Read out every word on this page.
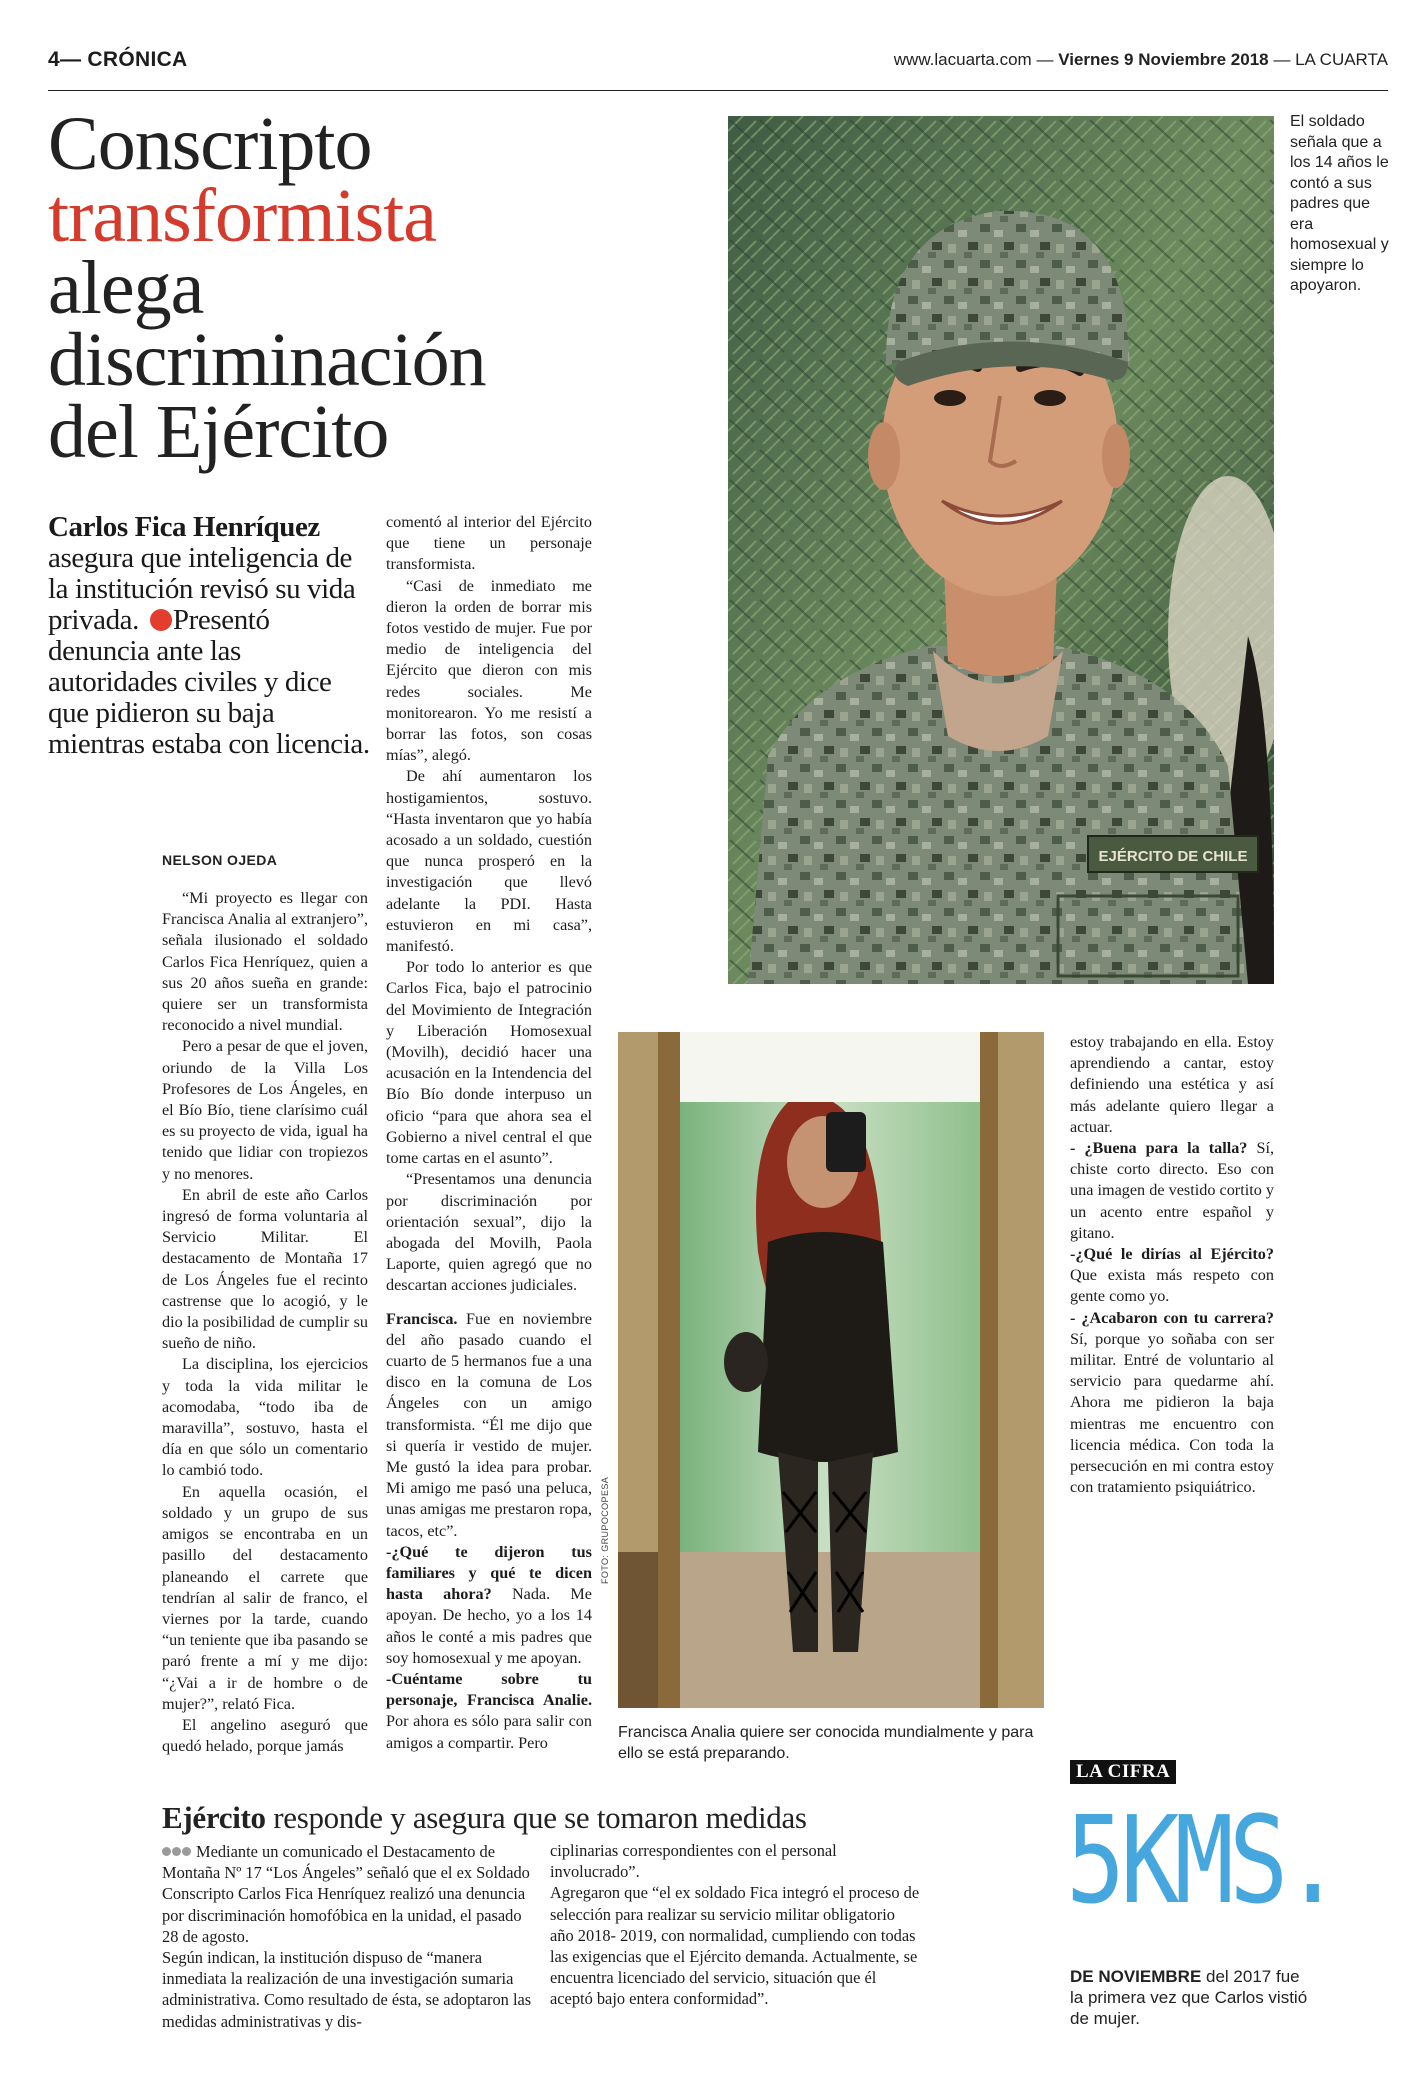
4— CRÓNICA	www.lacuarta.com — Viernes 9 Noviembre 2018 — LA CUARTA
Conscripto
transformista
alega
discriminación
del Ejército
Carlos Fica Henríquez asegura que inteligencia de la institución revisó su vida privada. Presentó denuncia ante las autoridades civiles y dice que pidieron su baja mientras estaba con licencia.
NELSON OJEDA

“Mi proyecto es llegar con Francisca Analia al extranjero”, señala ilusionado el soldado Carlos Fica Henríquez, quien a sus 20 años sueña en grande: quiere ser un transformista reconocido a nivel mundial.

Pero a pesar de que el joven, oriundo de la Villa Los Profesores de Los Ángeles, en el Bío Bío, tiene clarísimo cuál es su proyecto de vida, igual ha tenido que lidiar con tropiezos y no menores.

En abril de este año Carlos ingresó de forma voluntaria al Servicio Militar. El destacamento de Montaña 17 de Los Ángeles fue el recinto castrense que lo acogió, y le dio la posibilidad de cumplir su sueño de niño.

La disciplina, los ejercicios y toda la vida militar le acomodaba, “todo iba de maravilla”, sostuvo, hasta el día en que sólo un comentario lo cambió todo.

En aquella ocasión, el soldado y un grupo de sus amigos se encontraba en un pasillo del destacamento planeando el carrete que tendrían al salir de franco, el viernes por la tarde, cuando “un teniente que iba pasando se paró frente a mí y me dijo: “¿Vai a ir de hombre o de mujer?”, relató Fica.

El angelino aseguró que quedó helado, porque jamás

comentó al interior del Ejército que tiene un personaje transformista.

“Casi de inmediato me dieron la orden de borrar mis fotos vestido de mujer. Fue por medio de inteligencia del Ejército que dieron con mis redes sociales. Me monitorearon. Yo me resistí a borrar las fotos, son cosas mías”, alegó.

De ahí aumentaron los hostigamientos, sostuvo. “Hasta inventaron que yo había acosado a un soldado, cuestión que nunca prosperó en la investigación que llevó adelante la PDI. Hasta estuvieron en mi casa”, manifestó.

Por todo lo anterior es que Carlos Fica, bajo el patrocinio del Movimiento de Integración y Liberación Homosexual (Movilh), decidió hacer una acusación en la Intendencia del Bío Bío donde interpuso un oficio “para que ahora sea el Gobierno a nivel central el que tome cartas en el asunto”.

“Presentamos una denuncia por discriminación por orientación sexual”, dijo la abogada del Movilh, Paola Laporte, quien agregó que no descartan acciones judiciales.

Francisca. Fue en noviembre del año pasado cuando el cuarto de 5 hermanos fue a una disco en la comuna de Los Ángeles con un amigo transformista. “Él me dijo que si quería ir vestido de mujer. Me gustó la idea para probar. Mi amigo me pasó una peluca, unas amigas me prestaron ropa, tacos, etc”.

-¿Qué te dijeron tus familiares y qué te dicen hasta ahora? Nada. Me apoyan. De hecho, yo a los 14 años le conté a mis padres que soy homosexual y me apoyan.

-Cuéntame sobre tu personaje, Francisca Analie. Por ahora es sólo para salir con amigos a compartir. Pero

EJÉRCITO DE CHILE
El soldado señala que a los 14 años le contó a sus padres que era homosexual y siempre lo apoyaron.
FOTO: GRUPOCOPESA
Francisca Analia quiere ser conocida mundialmente y para ello se está preparando.

estoy trabajando en ella. Estoy aprendiendo a cantar, estoy definiendo una estética y así más adelante quiero llegar a actuar.

- ¿Buena para la talla? Sí, chiste corto directo. Eso con una imagen de vestido cortito y un acento entre español y gitano.

-¿Qué le dirías al Ejército? Que exista más respeto con gente como yo.

- ¿Acabaron con tu carrera? Sí, porque yo soñaba con ser militar. Entré de voluntario al servicio para quedarme ahí. Ahora me pidieron la baja mientras me encuentro con licencia médica. Con toda la persecución en mi contra estoy con tratamiento psiquiátrico.

Ejército responde y asegura que se tomaron medidas

Mediante un comunicado el Destacamento de Montaña Nº 17 “Los Ángeles” señaló que el ex Soldado Conscripto Carlos Fica Henríquez realizó una denuncia por discriminación homofóbica en la unidad, el pasado 28 de agosto.

Según indican, la institución dispuso de “manera inmediata la realización de una investigación sumaria administrativa. Como resultado de ésta, se adoptaron las medidas administrativas y dis-

ciplinarias correspondientes con el personal involucrado”.

Agregaron que “el ex soldado Fica integró el proceso de selección para realizar su servicio militar obligatorio año 2018- 2019, con normalidad, cumpliendo con todas las exigencias que el Ejército demanda. Actualmente, se encuentra licenciado del servicio, situación que él aceptó bajo entera conformidad”.

LA CIFRA
5KMS.
DE NOVIEMBRE del 2017 fue la primera vez que Carlos vistió de mujer.
